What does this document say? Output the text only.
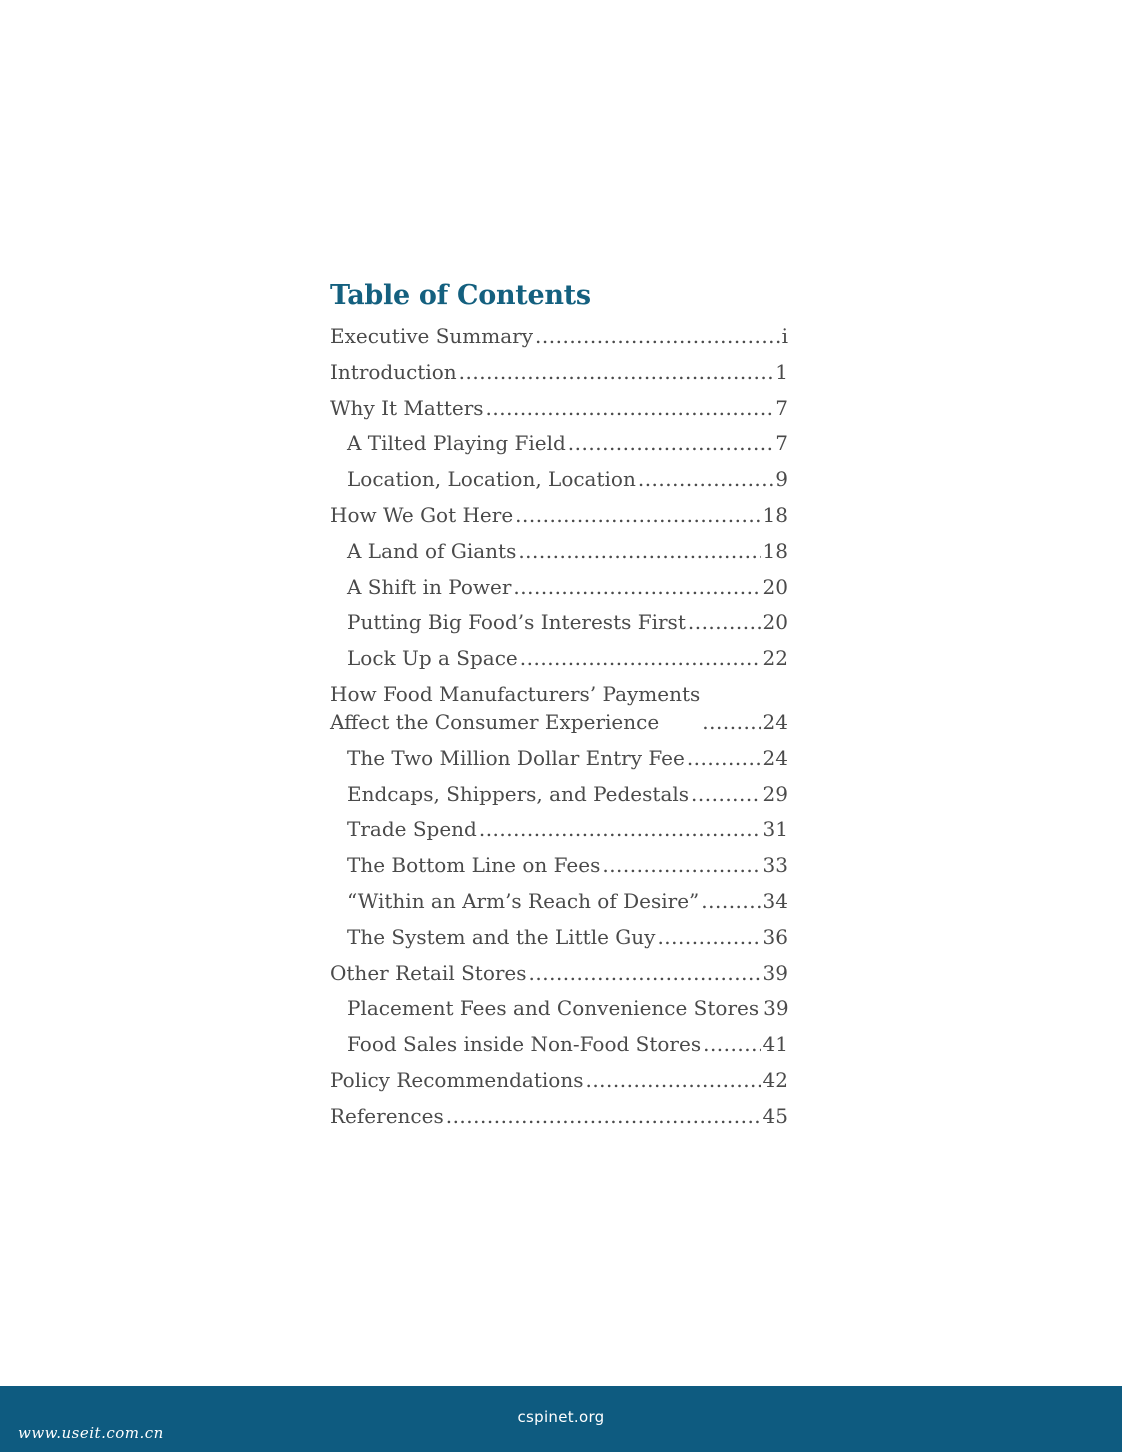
Table of Contents
Executive Summary .....	i
Introduction .....	1
Why It Matters .....	7
A Tilted Playing Field .....	7
Location, Location, Location .....	9
How We Got Here .....	18
A Land of Giants .....	18
A Shift in Power .....	20
Putting Big Food’s Interests First .....	20
Lock Up a Space .....	22
How Food Manufacturers’ Payments
Affect the Consumer Experience .....	24
The Two Million Dollar Entry Fee .....	24
Endcaps, Shippers, and Pedestals .....	29
Trade Spend .....	31
The Bottom Line on Fees .....	33
“Within an Arm’s Reach of Desire” .....	34
The System and the Little Guy .....	36
Other Retail Stores .....	39
Placement Fees and Convenience Stores 39
Food Sales inside Non-Food Stores .....	41
Policy Recommendations .....	42
References .....	45
cspinet.org
www.useit.com.cn
